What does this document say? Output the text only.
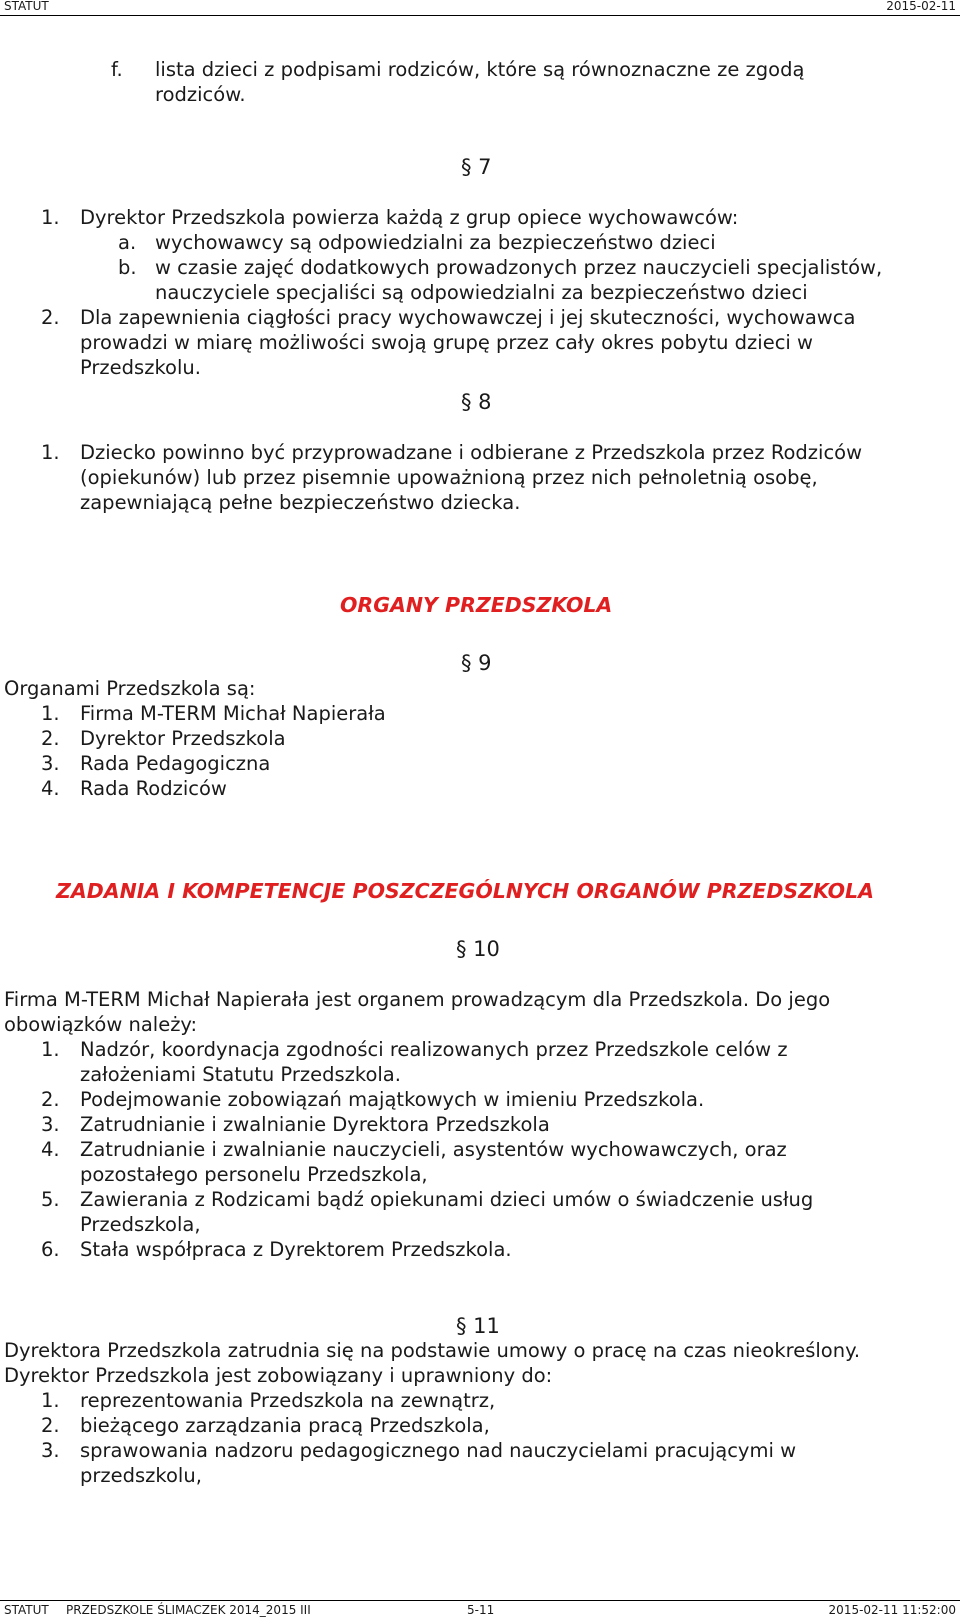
STATUT	2015-02-11
f. lista dzieci z podpisami rodziców, które są równoznaczne ze zgodą
rodziców.
§ 7
1. Dyrektor Przedszkola powierza każdą z grup opiece wychowawców:
a. wychowawcy są odpowiedzialni za bezpieczeństwo dzieci
b. w czasie zajęć dodatkowych prowadzonych przez nauczycieli specjalistów,
nauczyciele specjaliści są odpowiedzialni za bezpieczeństwo dzieci
2. Dla zapewnienia ciągłości pracy wychowawczej i jej skuteczności, wychowawca
prowadzi w miarę możliwości swoją grupę przez cały okres pobytu dzieci w
Przedszkolu.
§ 8
1. Dziecko powinno być przyprowadzane i odbierane z Przedszkola przez Rodziców
(opiekunów) lub przez pisemnie upoważnioną przez nich pełnoletnią osobę,
zapewniającą pełne bezpieczeństwo dziecka.
ORGANY PRZEDSZKOLA
§ 9
Organami Przedszkola są:
1. Firma M-TERM Michał Napierała
2. Dyrektor Przedszkola
3. Rada Pedagogiczna
4. Rada Rodziców
ZADANIA I KOMPETENCJE POSZCZEGÓLNYCH ORGANÓW PRZEDSZKOLA
§ 10
Firma M-TERM Michał Napierała jest organem prowadzącym dla Przedszkola. Do jego
obowiązków należy:
1. Nadzór, koordynacja zgodności realizowanych przez Przedszkole celów z
założeniami Statutu Przedszkola.
2. Podejmowanie zobowiązań majątkowych w imieniu Przedszkola.
3. Zatrudnianie i zwalnianie Dyrektora Przedszkola
4. Zatrudnianie i zwalnianie nauczycieli, asystentów wychowawczych, oraz
pozostałego personelu Przedszkola,
5. Zawierania z Rodzicami bądź opiekunami dzieci umów o świadczenie usług
Przedszkola,
6. Stała współpraca z Dyrektorem Przedszkola.
§ 11
Dyrektora Przedszkola zatrudnia się na podstawie umowy o pracę na czas nieokreślony.
Dyrektor Przedszkola jest zobowiązany i uprawniony do:
1. reprezentowania Przedszkola na zewnątrz,
2. bieżącego zarządzania pracą Przedszkola,
3. sprawowania nadzoru pedagogicznego nad nauczycielami pracującymi w
przedszkolu,
STATUT PRZEDSZKOLE ŚLIMACZEK 2014_2015 III	5-11	2015-02-11 11:52:00
